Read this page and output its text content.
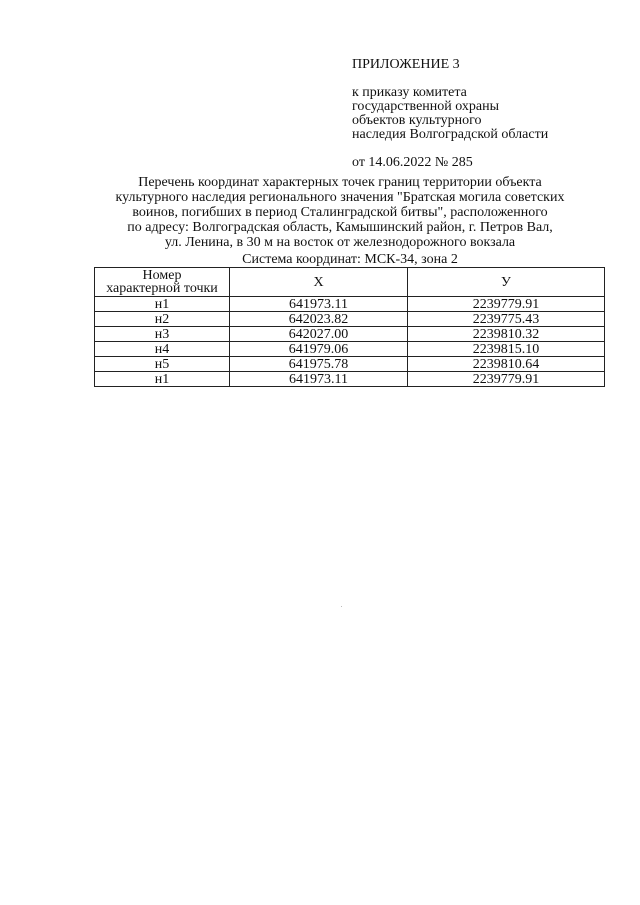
ПРИЛОЖЕНИЕ 3
к приказу комитета
государственной охраны
объектов культурного
наследия Волгоградской области
от 14.06.2022 № 285
Перечень координат характерных точек границ территории объекта
культурного наследия регионального значения "Братская могила советских
воинов, погибших в период Сталинградской битвы", расположенного
по адресу: Волгоградская область, Камышинский район, г. Петров Вал,
ул. Ленина, в 30 м на восток от железнодорожного вокзала
Система координат: МСК-34, зона 2
Номер
характерной точки	Х	У
н1	641973.11	2239779.91
н2	642023.82	2239775.43
н3	642027.00	2239810.32
н4	641979.06	2239815.10
н5	641975.78	2239810.64
н1	641973.11	2239779.91
